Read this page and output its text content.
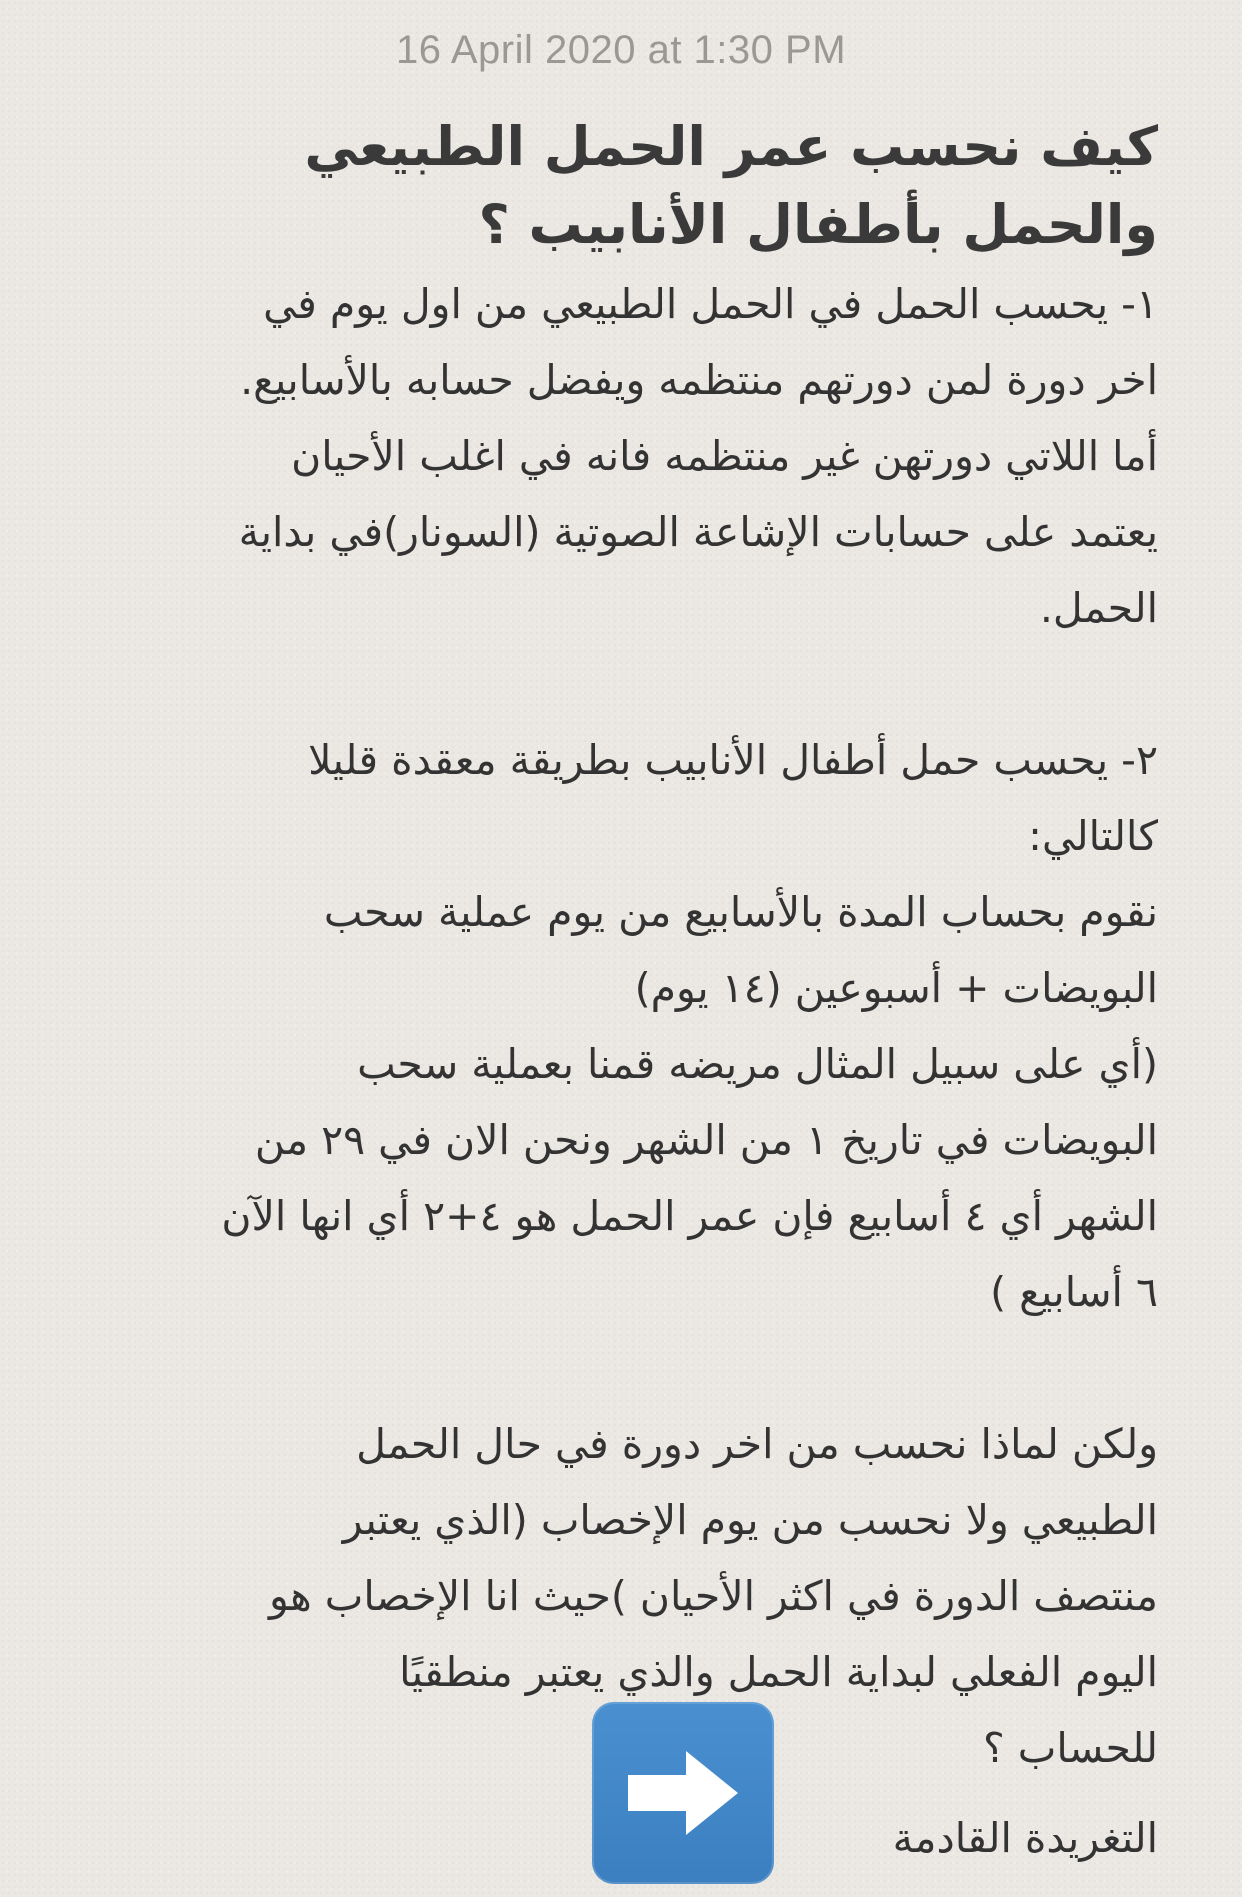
16 April 2020 at 1:30 PM
كيف نحسب عمر الحمل الطبيعي
والحمل بأطفال الأنابيب ؟
١- يحسب الحمل في الحمل الطبيعي من اول يوم في
اخر دورة لمن دورتهم منتظمه ويفضل حسابه بالأسابيع.
أما اللاتي دورتهن غير منتظمه فانه في اغلب الأحيان
يعتمد على حسابات الإشاعة الصوتية (السونار)في بداية
الحمل.

٢- يحسب حمل أطفال الأنابيب بطريقة معقدة قليلا
كالتالي:
نقوم بحساب المدة بالأسابيع من يوم عملية سحب
البويضات + أسبوعين (١٤ يوم)
(أي على سبيل المثال مريضه قمنا بعملية سحب
البويضات في تاريخ ١ من الشهر ونحن الان في ٢٩ من
الشهر أي ٤ أسابيع فإن عمر الحمل هو ٤+٢ أي انها الآن
٦ أسابيع )

ولكن لماذا نحسب من اخر دورة في حال الحمل
الطبيعي ولا نحسب من يوم الإخصاب (الذي يعتبر
منتصف الدورة في اكثر الأحيان )حيث انا الإخصاب هو
اليوم الفعلي لبداية الحمل والذي يعتبر منطقيًا
للحساب ؟
التغريدة القادمة
